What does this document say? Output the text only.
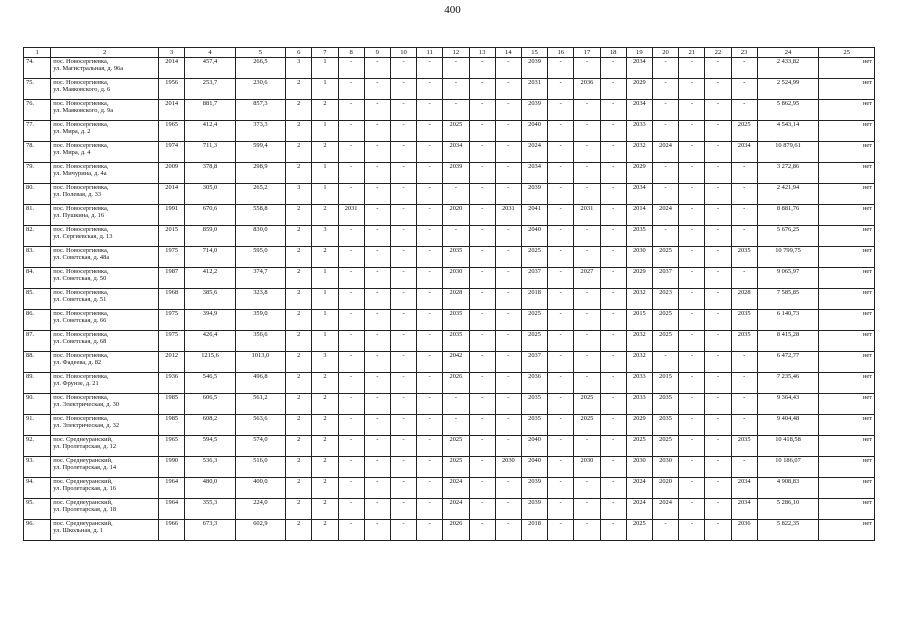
400
1	2	3	4	5	6	7	8	9	10	11	12	13	14	15	16	17	18	19	20	21	22	23	24	25
74.	пос. Новосергиевка,
ул. Магистральная, д. 96а	2014	457,4	266,5	3	1	-	-	-	-	-	-	-	2039	-	-	-	2034	-	-	-	-	2 433,82	нет
75.	пос. Новосергиевка,
ул. Маяковского, д. 6	1956	253,7	230,6	2	1	-	-	-	-	-	-	-	2031	-	2036	-	2029	-	-	-	-	2 524,99	нет
76.	пос. Новосергиевка,
ул. Маяковского, д. 9а	2014	881,7	857,3	2	2	-	-	-	-	-	-	-	2039	-	-	-	2034	-	-	-	-	5 862,95	нет
77.	пос. Новосергиевка,
ул. Мира, д. 2	1965	412,4	373,3	2	1	-	-	-	-	2025	-	-	2040	-	-	-	2033	-	-	-	2025	4 543,14	нет
78.	пос. Новосергиевка,
ул. Мира, д. 4	1974	711,3	599,4	2	2	-	-	-	-	2034	-	-	2024	-	-	-	2032	2024	-	-	2034	10 879,61	нет
79.	пос. Новосергиевка,
ул. Мичурина, д. 4а	2009	378,8	298,9	2	1	-	-	-	-	2039	-	-	2034	-	-	-	2029	-	-	-	-	3 272,86	нет
80.	пос. Новосергиевка,
ул. Полевая, д. 33	2014	305,0	265,2	3	1	-	-	-	-	-	-	-	2039	-	-	-	2034	-	-	-	-	2 421,94	нет
81.	пос. Новосергиевка,
ул. Пушкина, д. 16	1991	670,6	558,8	2	2	2031	-	-	-	2020	-	2031	2041	-	2031	-	2014	2024	-	-	-	8 881,76	нет
82.	пос. Новосергиевка,
ул. Сергиевская, д. 13	2015	859,0	830,0	2	3	-	-	-	-	-	-	-	2040	-	-	-	2035	-	-	-	-	5 676,25	нет
83.	пос. Новосергиевка,
ул. Советская, д. 48а	1975	714,0	595,0	2	2	-	-	-	-	2035	-	-	2025	-	-	-	2030	2025	-	-	2035	10 799,75	нет
84.	пос. Новосергиевка,
ул. Советская, д. 50	1987	412,2	374,7	2	1	-	-	-	-	2030	-	-	2037	-	2027	-	2029	2037	-	-	-	9 065,97	нет
85.	пос. Новосергиевка,
ул. Советская, д. 51	1968	385,6	323,8	2	1	-	-	-	-	2028	-	-	2018	-	-	-	2032	2023	-	-	2028	7 585,85	нет
86.	пос. Новосергиевка,
ул. Советская, д. 66	1975	394,9	359,0	2	1	-	-	-	-	2035	-	-	2025	-	-	-	2015	2025	-	-	2035	6 140,73	нет
87.	пос. Новосергиевка,
ул. Советская, д. 68	1975	426,4	356,6	2	1	-	-	-	-	2035	-	-	2025	-	-	-	2032	2025	-	-	2035	8 415,28	нет
88.	пос. Новосергиевка,
ул. Фадеева, д. 82	2012	1215,6	1013,0	2	3	-	-	-	-	2042	-	-	2037	-	-	-	2032	-	-	-	-	6 472,77	нет
89.	пос. Новосергиевка,
ул. Фрунзе, д. 21	1936	546,5	496,8	2	2	-	-	-	-	2026	-	-	2036	-	-	-	2033	2015	-	-	-	7 235,46	нет
90.	пос. Новосергиевка,
ул. Электрическая, д. 30	1985	606,5	561,2	2	2	-	-	-	-	-	-	-	2035	-	2025	-	2033	2035	-	-	-	9 364,43	нет
91.	пос. Новосергиевка,
ул. Электрическая, д. 32	1985	608,2	563,6	2	2	-	-	-	-	-	-	-	2035	-	2025	-	2029	2035	-	-	-	9 404,48	нет
92.	пос. Среднеуранский,
ул. Пролетарская, д. 12	1965	594,5	574,0	2	2	-	-	-	-	2025	-	-	2040	-	-	-	2025	2025	-	-	2035	10 418,58	нет
93.	пос. Среднеуранский,
ул. Пролетарская, д. 14	1990	536,3	516,0	2	2	-	-	-	-	2025	-	2030	2040	-	2030	-	2030	2030	-	-	-	10 186,07	нет
94.	пос. Среднеуранский,
ул. Пролетарская, д. 16	1964	480,0	400,0	2	2	-	-	-	-	2024	-	-	2039	-	-	-	2024	2020	-	-	2034	4 908,83	нет
95.	пос. Среднеуранский,
ул. Пролетарская, д. 18	1964	355,3	224,0	2	2	-	-	-	-	2024	-	-	2039	-	-	-	2024	2024	-	-	2034	5 286,10	нет
96.	пос. Среднеуранский,
ул. Школьная, д. 1	1966	673,3	602,9	2	2	-	-	-	-	2026	-	-	2018	-	-	-	2025	-	-	-	2036	5 822,35	нет
